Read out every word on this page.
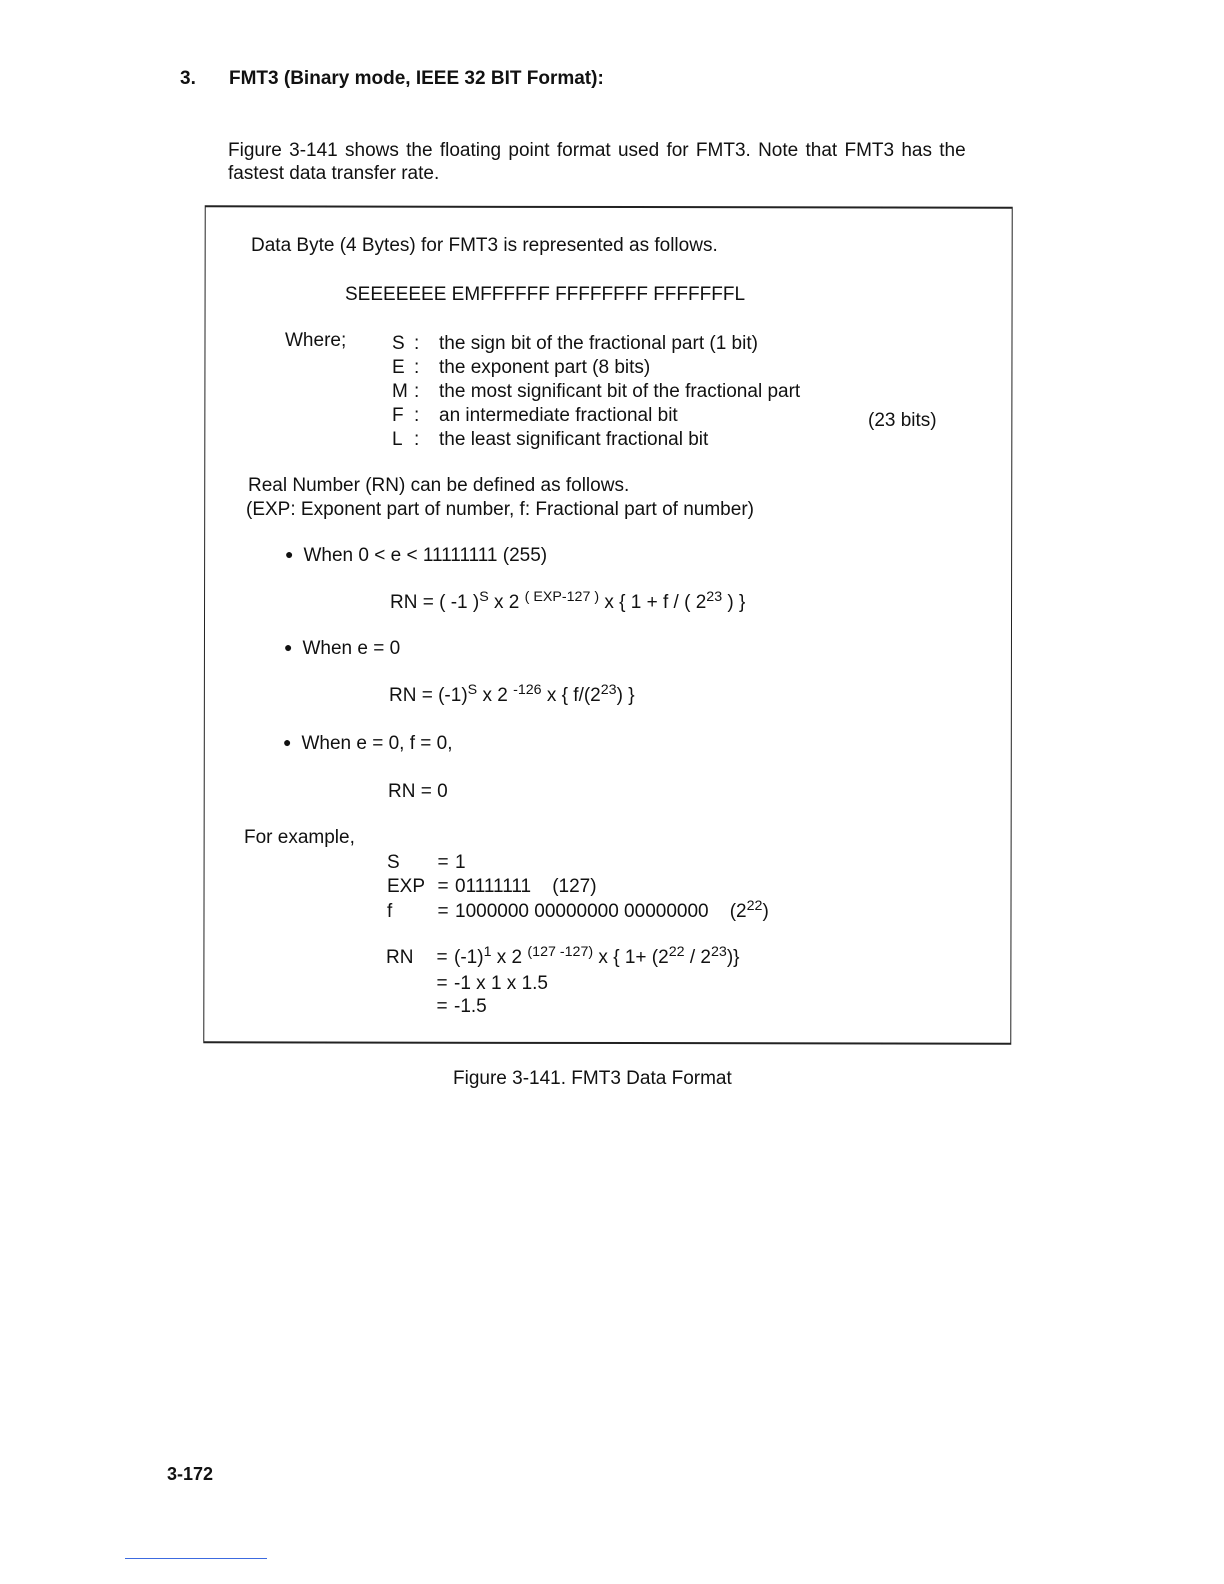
3. FMT3 (Binary mode, IEEE 32 BIT Format):
Figure 3-141 shows the floating point format used for FMT3. Note that FMT3 has the
fastest data transfer rate.
Data Byte (4 Bytes) for FMT3 is represented as follows.
SEEEEEEE EMFFFFFF FFFFFFFF FFFFFFFL
Where; S : the sign bit of the fractional part (1 bit)
E : the exponent part (8 bits)
M : the most significant bit of the fractional part
F : an intermediate fractional bit
L : the least significant fractional bit
(23 bits)
Real Number (RN) can be defined as follows.
(EXP: Exponent part of number, f: Fractional part of number)
● When 0 < e < 11111111 (255)
RN = ( -1 )$^S$ x 2 $^{( EXP-127 )}$ x { 1 + f / ( $2^{23}$ ) }
● When e = 0
RN = $(-1)^S$ x 2 $^{-126}$ x { $f/(2^{23})$ }
● When e = 0, f = 0,
RN = 0
For example,
S = 1
EXP = 01111111    (127)
f = 1000000 00000000 00000000    $(2^{22})$
RN = $(-1)^1$ x 2 $^{(127 -127)}$ x { $1+ (2^{22} / 2^{23})$}
= -1 x 1 x 1.5
= -1.5
Figure 3-141. FMT3 Data Format
3-172
